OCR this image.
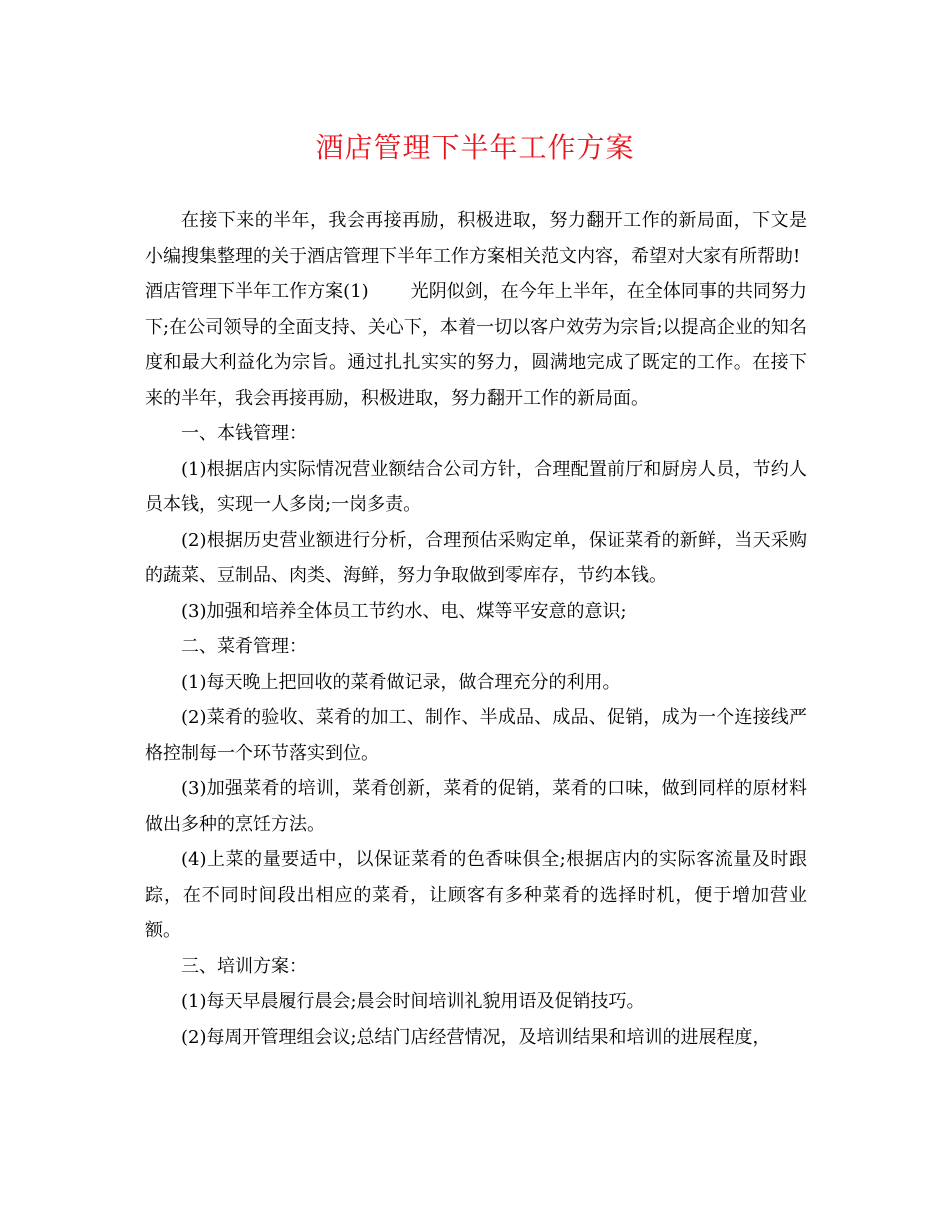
酒店管理下半年工作方案

在接下来的半年，我会再接再励，积极进取，努力翻开工作的新局面，下文是小编搜集整理的关于酒店管理下半年工作方案相关范文内容，希望对大家有所帮助!

酒店管理下半年工作方案(1) 光阴似剑，在今年上半年，在全体同事的共同努力下;在公司领导的全面支持、关心下，本着一切以客户效劳为宗旨;以提高企业的知名度和最大利益化为宗旨。通过扎扎实实的努力，圆满地完成了既定的工作。在接下来的半年，我会再接再励，积极进取，努力翻开工作的新局面。

一、本钱管理：

(1)根据店内实际情况营业额结合公司方针，合理配置前厅和厨房人员，节约人员本钱，实现一人多岗;一岗多责。

(2)根据历史营业额进行分析，合理预估采购定单，保证菜肴的新鲜，当天采购的蔬菜、豆制品、肉类、海鲜，努力争取做到零库存，节约本钱。

(3)加强和培养全体员工节约水、电、煤等平安意的意识;

二、菜肴管理：

(1)每天晚上把回收的菜肴做记录，做合理充分的利用。

(2)菜肴的验收、菜肴的加工、制作、半成品、成品、促销，成为一个连接线严格控制每一个环节落实到位。

(3)加强菜肴的培训，菜肴创新，菜肴的促销，菜肴的口味，做到同样的原材料做出多种的烹饪方法。

(4)上菜的量要适中，以保证菜肴的色香味俱全;根据店内的实际客流量及时跟踪，在不同时间段出相应的菜肴，让顾客有多种菜肴的选择时机，便于增加营业额。

三、培训方案：

(1)每天早晨履行晨会;晨会时间培训礼貌用语及促销技巧。

(2)每周开管理组会议;总结门店经营情况，及培训结果和培训的进展程度，
